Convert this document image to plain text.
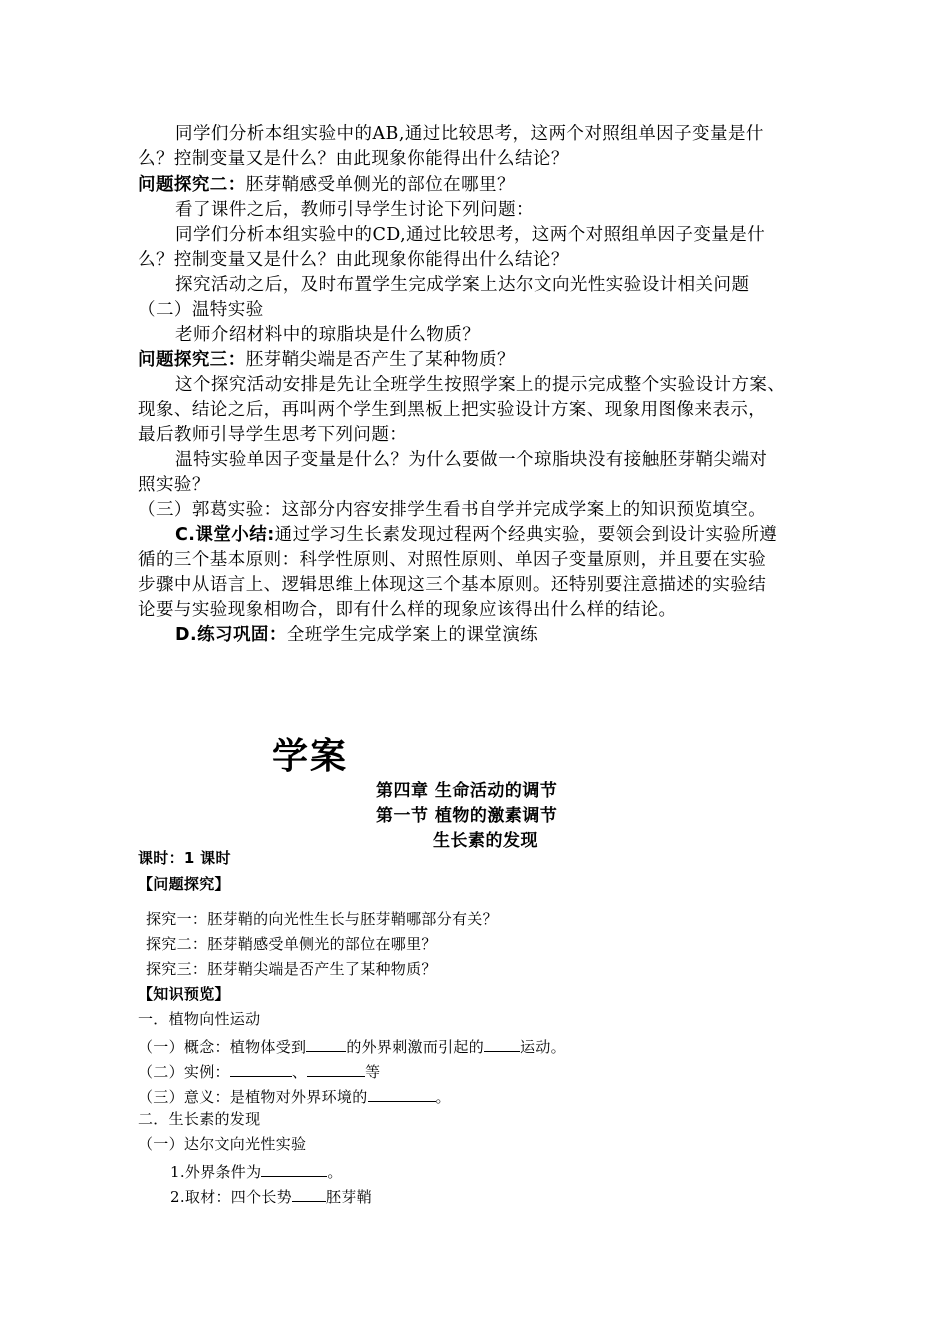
同学们分析本组实验中的AB,通过比较思考，这两个对照组单因子变量是什
么？控制变量又是什么？由此现象你能得出什么结论？
问题探究二：胚芽鞘感受单侧光的部位在哪里？
看了课件之后，教师引导学生讨论下列问题：
同学们分析本组实验中的CD,通过比较思考，这两个对照组单因子变量是什
么？控制变量又是什么？由此现象你能得出什么结论？
探究活动之后，及时布置学生完成学案上达尔文向光性实验设计相关问题
（二）温特实验
老师介绍材料中的琼脂块是什么物质？
问题探究三：胚芽鞘尖端是否产生了某种物质？
这个探究活动安排是先让全班学生按照学案上的提示完成整个实验设计方案、
现象、结论之后，再叫两个学生到黑板上把实验设计方案、现象用图像来表示，
最后教师引导学生思考下列问题：
温特实验单因子变量是什么？为什么要做一个琼脂块没有接触胚芽鞘尖端对
照实验？
（三）郭葛实验：这部分内容安排学生看书自学并完成学案上的知识预览填空。
C.课堂小结:通过学习生长素发现过程两个经典实验，要领会到设计实验所遵
循的三个基本原则：科学性原则、对照性原则、单因子变量原则，并且要在实验
步骤中从语言上、逻辑思维上体现这三个基本原则。还特别要注意描述的实验结
论要与实验现象相吻合，即有什么样的现象应该得出什么样的结论。
D.练习巩固：全班学生完成学案上的课堂演练
学案
第四章 生命活动的调节
第一节 植物的激素调节
生长素的发现
课时：1 课时
【问题探究】
探究一：胚芽鞘的向光性生长与胚芽鞘哪部分有关？
探究二：胚芽鞘感受单侧光的部位在哪里？
探究三：胚芽鞘尖端是否产生了某种物质？
【知识预览】
一．植物向性运动
（一）概念：植物体受到	的外界刺激而引起的 运动。
（二）实例：	、	等
（三）意义：是植物对外界环境的	。
二．生长素的发现
（一）达尔文向光性实验
1.外界条件为	。
2.取材：四个长势 胚芽鞘
